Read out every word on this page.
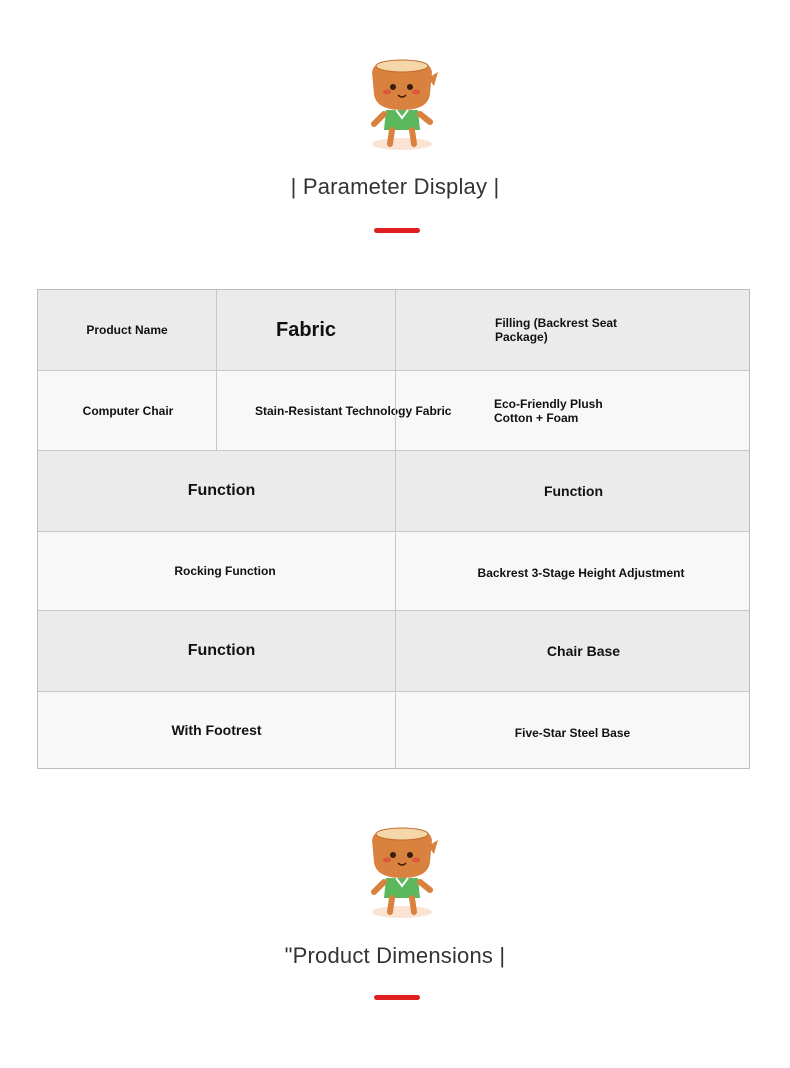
| Parameter Display |
Product Name	Fabric	Filling (Backrest Seat Package)
Computer Chair	Stain-Resistant Technology Fabric	Eco-Friendly Plush Cotton + Foam
Function	Function
Rocking Function	Backrest 3-Stage Height Adjustment
Function	Chair Base
With Footrest	Five-Star Steel Base
"Product Dimensions |
